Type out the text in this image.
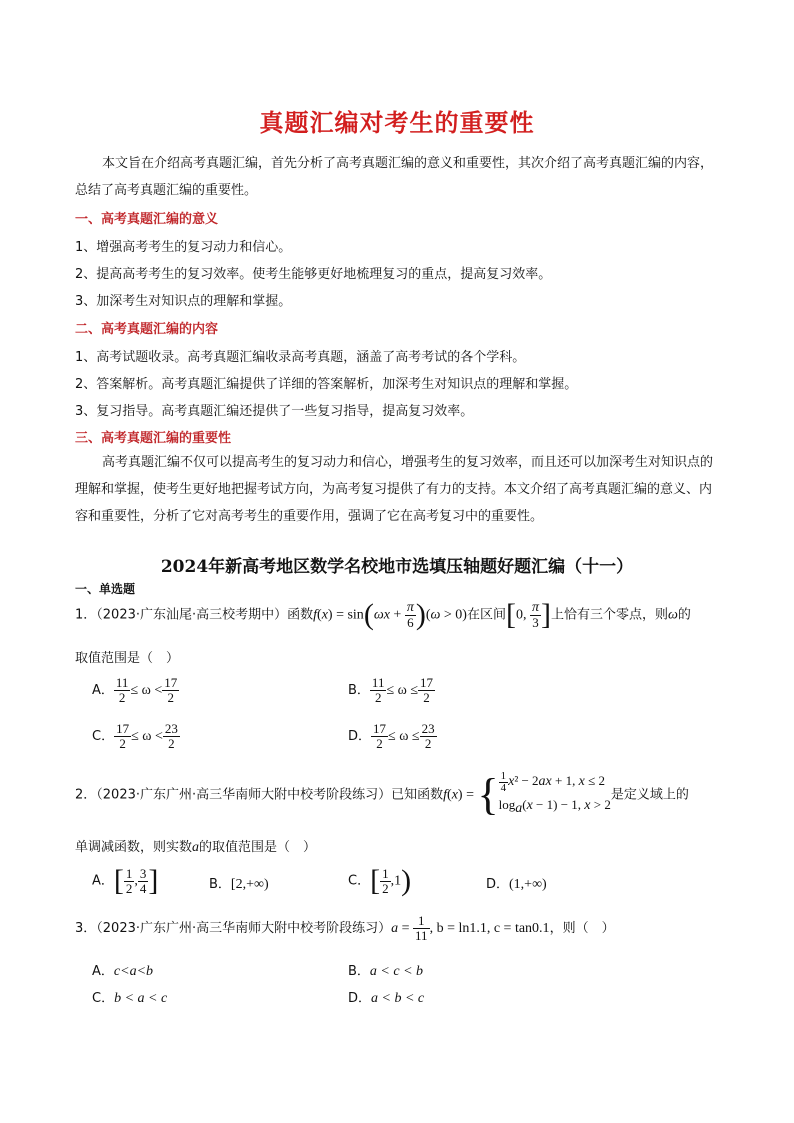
真题汇编对考生的重要性
本文旨在介绍高考真题汇编，首先分析了高考真题汇编的意义和重要性，其次介绍了高考真题汇编的内容，总结了高考真题汇编的重要性。
一、高考真题汇编的意义
1、增强高考考生的复习动力和信心。
2、提高高考考生的复习效率。使考生能够更好地梳理复习的重点，提高复习效率。
3、加深考生对知识点的理解和掌握。
二、高考真题汇编的内容
1、高考试题收录。高考真题汇编收录高考真题，涵盖了高考考试的各个学科。
2、答案解析。高考真题汇编提供了详细的答案解析，加深考生对知识点的理解和掌握。
3、复习指导。高考真题汇编还提供了一些复习指导，提高复习效率。
三、高考真题汇编的重要性
高考真题汇编不仅可以提高考生的复习动力和信心，增强考生的复习效率，而且还可以加深考生对知识点的理解和掌握，使考生更好地把握考试方向，为高考复习提供了有力的支持。本文介绍了高考真题汇编的意义、内容和重要性，分析了它对高考考生的重要作用，强调了它在高考复习中的重要性。
2024年新高考地区数学名校地市选填压轴题好题汇编（十一）
一、单选题
1．（2023·广东汕尾·高三校考期中）函数$f(x) = \sin(\omega x + \frac{\pi}{6} )(\omega > 0)$在区间[0, $\frac{\pi}{3}$ ]上恰有三个零点，则ω的
取值范围是（　）
A． $\frac{11}{2} \le \omega < \frac{17}{2}$	B． $\frac{11}{2} \le \omega \le \frac{17}{2}$
C． $\frac{17}{2} \le \omega < \frac{23}{2}$	D． $\frac{17}{2} \le \omega \le \frac{23}{2}$
2．（2023·广东广州·高三华南师大附中校考阶段练习）已知函数f(x) = { $\frac{1}{4} x^2 - 2ax + 1$, x ≤ 2
$\log_a(x - 1) - 1$, x > 2
是定义域上的
单调减函数，则实数a的取值范围是（　）
A．[ $\frac{1}{2}$ , $\frac{3}{4}$ ]	B．[2,+∞)	C．[ $\frac{1}{2} ,1$)	D．(1,+∞)
3．（2023·广东广州·高三华南师大附中校考阶段练习）$a = \frac{1}{11}$ , b = ln1.1, c = tan0.1，则（　）
A．c<a<b	B．a < c < b
C．b < a < c	D．a < b < c
